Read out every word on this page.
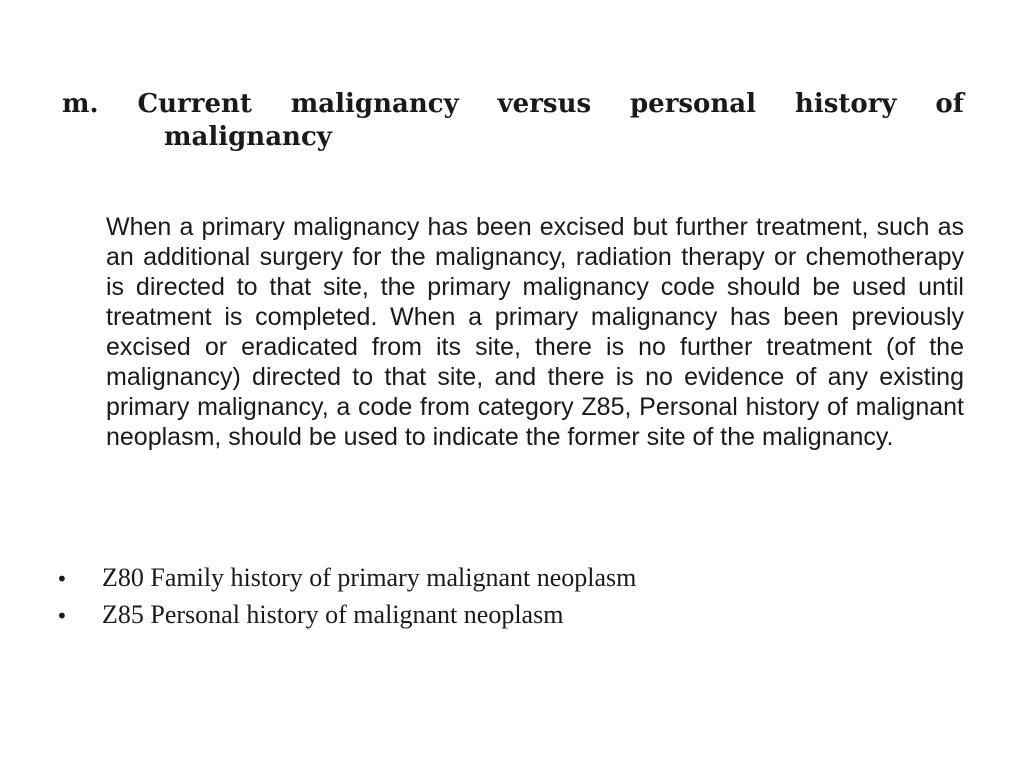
m. Current malignancy versus personal history of
malignancy

When a primary malignancy has been excised but further treatment, such as an additional surgery for the malignancy, radiation therapy or chemotherapy is directed to that site, the primary malignancy code should be used until treatment is completed. When a primary malignancy has been previously excised or eradicated from its site, there is no further treatment (of the malignancy) directed to that site, and there is no evidence of any existing primary malignancy, a code from category Z85, Personal history of malignant neoplasm, should be used to indicate the former site of the malignancy.

•	Z80 Family history of primary malignant neoplasm
•	Z85 Personal history of malignant neoplasm
